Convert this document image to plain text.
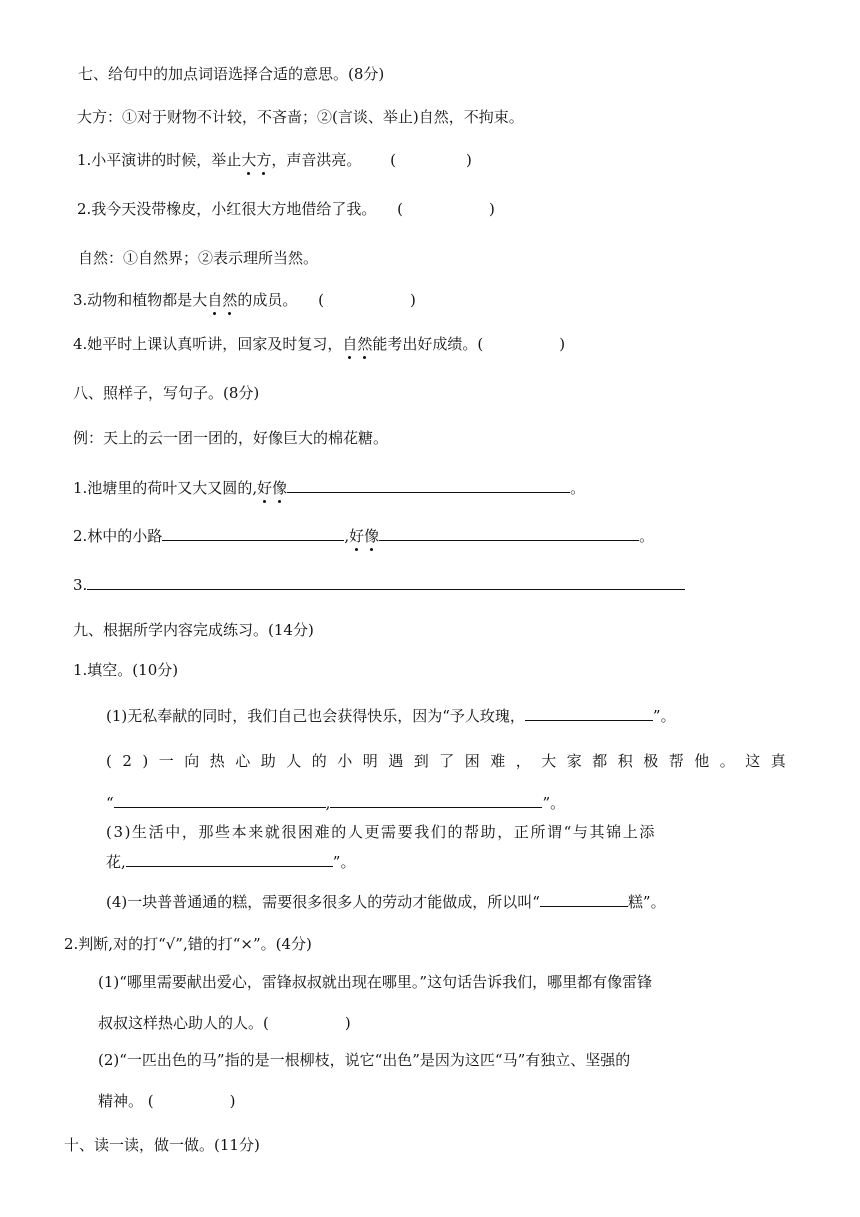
七、给句中的加点词语选择合适的意思。(8分)
大方：①对于财物不计较，不吝啬；②(言谈、举止)自然，不拘束。
1.小平演讲的时候，举止大方，声音洪亮。 (	)
2.我今天没带橡皮，小红很大方地借给了我。 (	)
自然：①自然界；②表示理所当然。
3.动物和植物都是大自然的成员。 (	)
4.她平时上课认真听讲，回家及时复习，自然能考出好成绩。(	)
八、照样子，写句子。(8分)
例：天上的云一团一团的，好像巨大的棉花糖。
1.池塘里的荷叶又大又圆的,好像	。
2.林中的小路	,好像	。
3.
九、根据所学内容完成练习。(14分)
1.填空。(10分)
(1)无私奉献的同时，我们自己也会获得快乐，因为“予人玫瑰，	”。
(2)一向热心助人的小明遇到了困难，大家都积极帮他。这真
“	,	”。
(3)生活中，那些本来就很困难的人更需要我们的帮助，正所谓“与其锦上添
花,	”。
(4)一块普普通通的糕，需要很多很多人的劳动才能做成，所以叫“	糕”。
2.判断,对的打“√”,错的打“×”。(4分)
(1)“哪里需要献出爱心，雷锋叔叔就出现在哪里。”这句话告诉我们，哪里都有像雷锋
叔叔这样热心助人的人。(	)
(2)“一匹出色的马”指的是一根柳枝，说它“出色”是因为这匹“马”有独立、坚强的
精神。 (	)
十、读一读，做一做。(11分)
